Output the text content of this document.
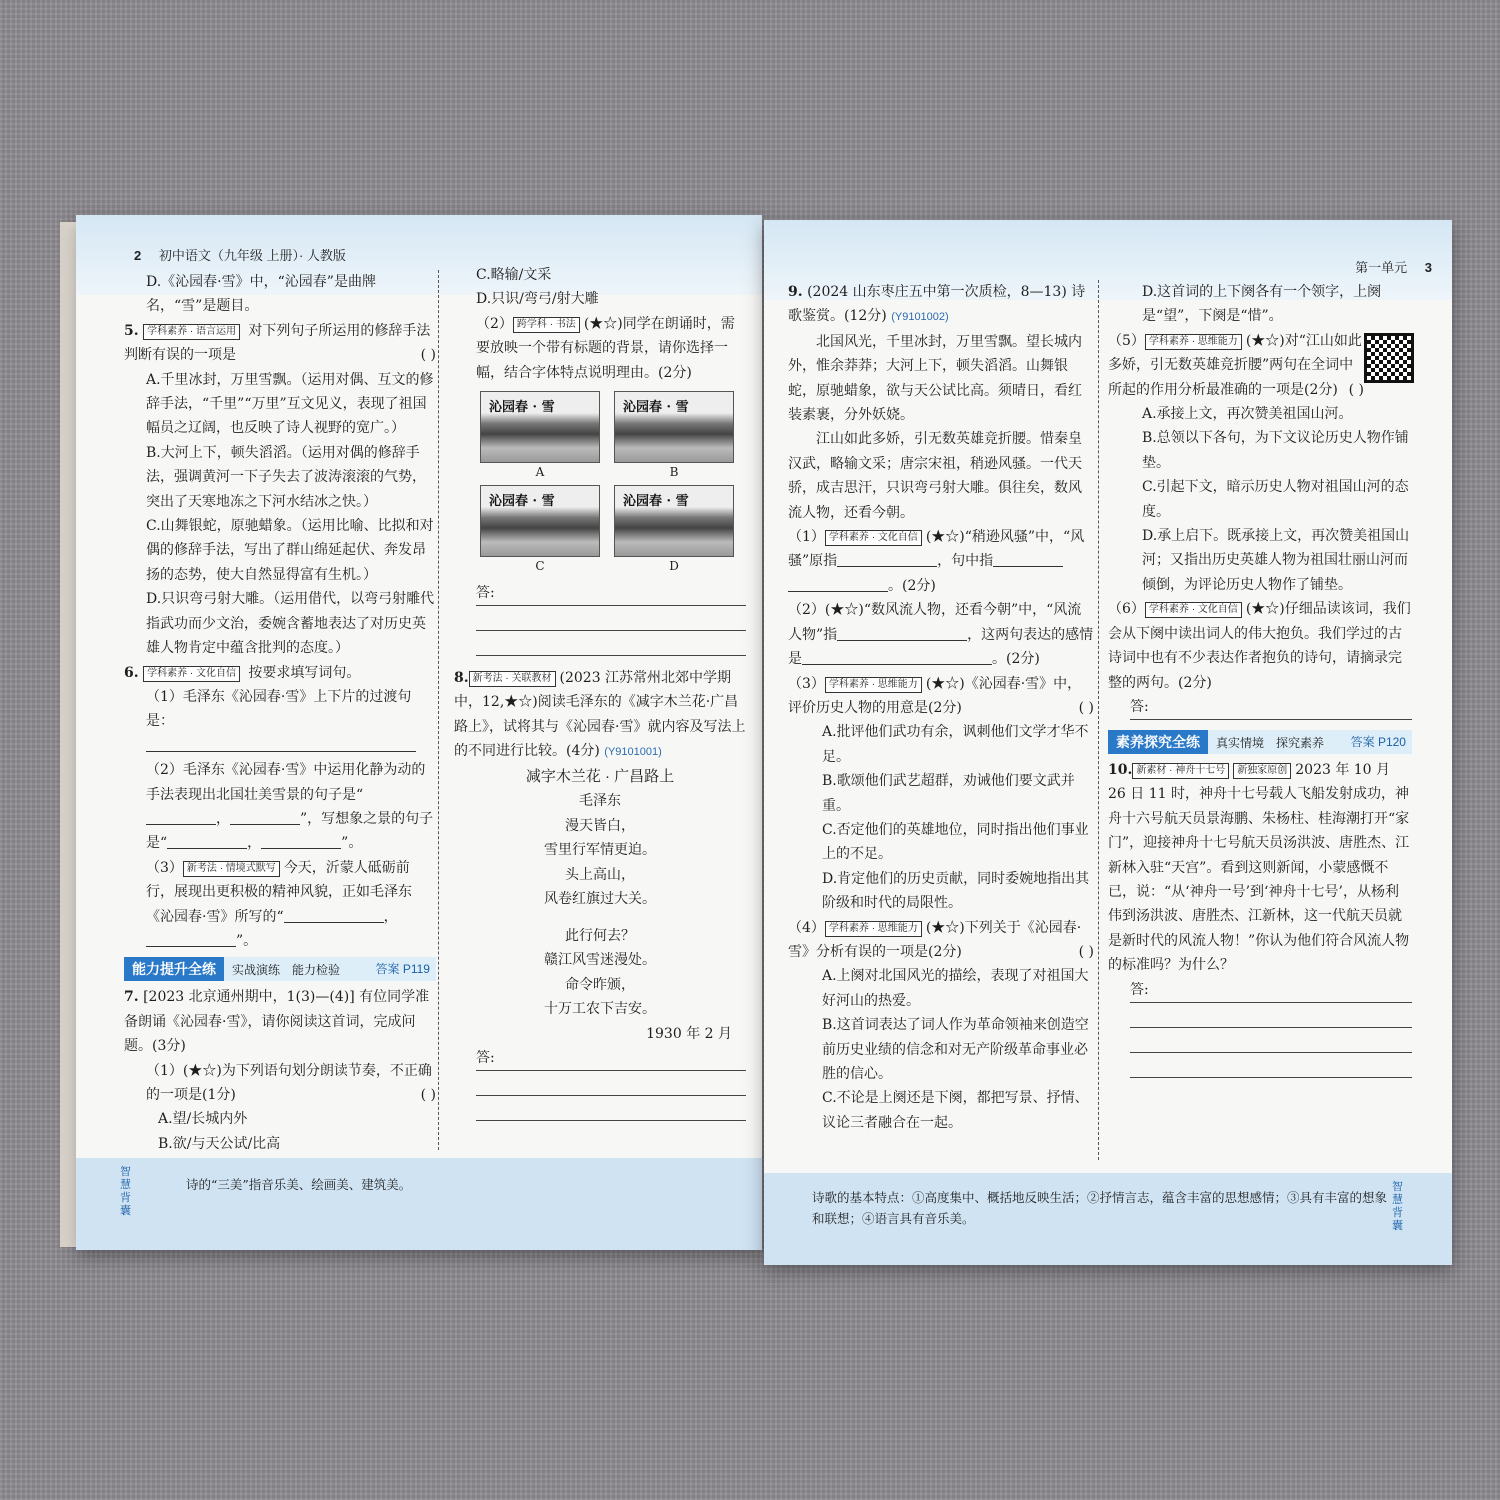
2 初中语文（九年级 上册）· 人教版

D.《沁园春·雪》中，“沁园春”是曲牌名，“雪”是题目。

5. 学科素养 · 语言运用 对下列句子所运用的修辞手法判断有误的一项是	( )

A.千里冰封，万里雪飘。（运用对偶、互文的修辞手法，“千里”“万里”互文见义，表现了祖国幅员之辽阔，也反映了诗人视野的宽广。）

B.大河上下，顿失滔滔。（运用对偶的修辞手法，强调黄河一下子失去了波涛滚滚的气势，突出了天寒地冻之下河水结冰之快。）

C.山舞银蛇，原驰蜡象。（运用比喻、比拟和对偶的修辞手法，写出了群山绵延起伏、奔发昂扬的态势，使大自然显得富有生机。）

D.只识弯弓射大雕。（运用借代，以弯弓射雕代指武功而少文治，委婉含蓄地表达了对历史英雄人物肯定中蕴含批判的态度。）

6. 学科素养 · 文化自信 按要求填写词句。

（1）毛泽东《沁园春·雪》上下片的过渡句是：

（2）毛泽东《沁园春·雪》中运用化静为动的手法表现出北国壮美雪景的句子是“ ，	”，写想象之景的句子是“	，	”。

（3） 新考法 · 情境式默写 今天，沂蒙人砥砺前行，展现出更积极的精神风貌，正如毛泽东《沁园春·雪》所写的“	，”。

能力提升全练 实战演练　能力检验	答案 P119

7. [2023 北京通州期中，1(3)—(4)] 有位同学准备朗诵《沁园春·雪》，请你阅读这首词，完成问题。(3分)

（1）(★☆)为下列语句划分朗读节奏，不正确的一项是(1分)	( )

A.望/长城内外

B.欲/与天公试/比高

C.略输/文采

D.只识/弯弓/射大雕

（2） 跨学科 · 书法 (★☆)同学在朗诵时，需要放映一个带有标题的背景，请你选择一幅，结合字体特点说明理由。(2分)

沁园春 · 雪
A
沁园春 · 雪
B
沁园春 · 雪
C
沁园春 · 雪
D
答:

8. 新考法 · 关联教材 (2023 江苏常州北郊中学期中，12,★☆)阅读毛泽东的《减字木兰花·广昌路上》，试将其与《沁园春·雪》就内容及写法上的不同进行比较。(4分) (Y9101001)

减字木兰花 · 广昌路上
毛泽东
漫天皆白，
雪里行军情更迫。
头上高山，
风卷红旗过大关。
此行何去？
赣江风雪迷漫处。
命令昨颁，
十万工农下吉安。
1930 年 2 月
答:
智慧背囊
诗的“三美”指音乐美、绘画美、建筑美。
第一单元 3

9. (2024 山东枣庄五中第一次质检，8—13) 诗歌鉴赏。(12分) (Y9101002)

北国风光，千里冰封，万里雪飘。望长城内外，惟余莽莽；大河上下，顿失滔滔。山舞银蛇，原驰蜡象，欲与天公试比高。须晴日，看红装素裹，分外妖娆。

江山如此多娇，引无数英雄竞折腰。惜秦皇汉武，略输文采；唐宗宋祖，稍逊风骚。一代天骄，成吉思汗，只识弯弓射大雕。俱往矣，数风流人物，还看今朝。

（1） 学科素养 · 文化自信 (★☆)“稍逊风骚”中，“风骚”原指	，句中指。(2分)

（2）(★☆)“数风流人物，还看今朝”中，“风流人物”指	，这两句表达的感情是	。(2分)

（3） 学科素养 · 思维能力 (★☆)《沁园春·雪》中，评价历史人物的用意是(2分)	( )

A.批评他们武功有余，讽刺他们文学才华不足。

B.歌颂他们武艺超群，劝诫他们要文武并重。

C.否定他们的英雄地位，同时指出他们事业上的不足。

D.肯定他们的历史贡献，同时委婉地指出其阶级和时代的局限性。

（4） 学科素养 · 思维能力 (★☆)下列关于《沁园春·雪》分析有误的一项是(2分)	( )

A.上阕对北国风光的描绘，表现了对祖国大好河山的热爱。

B.这首词表达了词人作为革命领袖来创造空前历史业绩的信念和对无产阶级革命事业必胜的信心。

C.不论是上阕还是下阕，都把写景、抒情、议论三者融合在一起。

D.这首词的上下阕各有一个领字，上阕是“望”，下阕是“惜”。

（5） 学科素养 · 思维能力 (★☆)对“江山如此多娇，引无数英雄竞折腰”两句在全词中所起的作用分析最准确的一项是(2分) ( )

A.承接上文，再次赞美祖国山河。

B.总领以下各句，为下文议论历史人物作铺垫。

C.引起下文，暗示历史人物对祖国山河的态度。

D.承上启下。既承接上文，再次赞美祖国山河；又指出历史英雄人物为祖国壮丽山河而倾倒，为评论历史人物作了铺垫。

（6） 学科素养 · 文化自信 (★☆)仔细品读该词，我们会从下阕中读出词人的伟大抱负。我们学过的古诗词中也有不少表达作者抱负的诗句，请摘录完整的两句。(2分)

答:
素养探究全练 真实情境　探究素养 答案 P120

10. 新素材 · 神舟十七号 新独家原创 2023 年 10 月 26 日 11 时，神舟十七号载人飞船发射成功，神舟十六号航天员景海鹏、朱杨柱、桂海潮打开“家门”，迎接神舟十七号航天员汤洪波、唐胜杰、江新林入驻“天宫”。看到这则新闻，小蒙感慨不已，说：“从‘神舟一号’到‘神舟十七号’，从杨利伟到汤洪波、唐胜杰、江新林，这一代航天员就是新时代的风流人物！”你认为他们符合风流人物的标准吗？为什么？

答:
诗歌的基本特点：①高度集中、概括地反映生活；②抒情言志，蕴含丰富的思想感情；③具有丰富的想象和联想；④语言具有音乐美。
智慧背囊
